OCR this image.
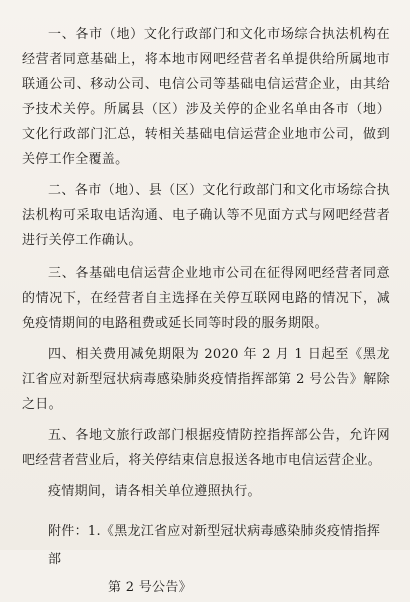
一、各市（地）文化行政部门和文化市场综合执法机构在经营者同意基础上，将本地市网吧经营者名单提供给所属地市联通公司、移动公司、电信公司等基础电信运营企业，由其给予技术关停。所属县（区）涉及关停的企业名单由各市（地）文化行政部门汇总，转相关基础电信运营企业地市公司，做到关停工作全覆盖。

二、各市（地）、县（区）文化行政部门和文化市场综合执法机构可采取电话沟通、电子确认等不见面方式与网吧经营者进行关停工作确认。

三、各基础电信运营企业地市公司在征得网吧经营者同意的情况下，在经营者自主选择在关停互联网电路的情况下，减免疫情期间的电路租费或延长同等时段的服务期限。

四、相关费用减免期限为 2020 年 2 月 1 日起至《黑龙江省应对新型冠状病毒感染肺炎疫情指挥部第 2 号公告》解除之日。

五、各地文旅行政部门根据疫情防控指挥部公告，允许网吧经营者营业后，将关停结束信息报送各地市电信运营企业。

疫情期间，请各相关单位遵照执行。

附件：1.《黑龙江省应对新型冠状病毒感染肺炎疫情指挥部
第 2 号公告》
